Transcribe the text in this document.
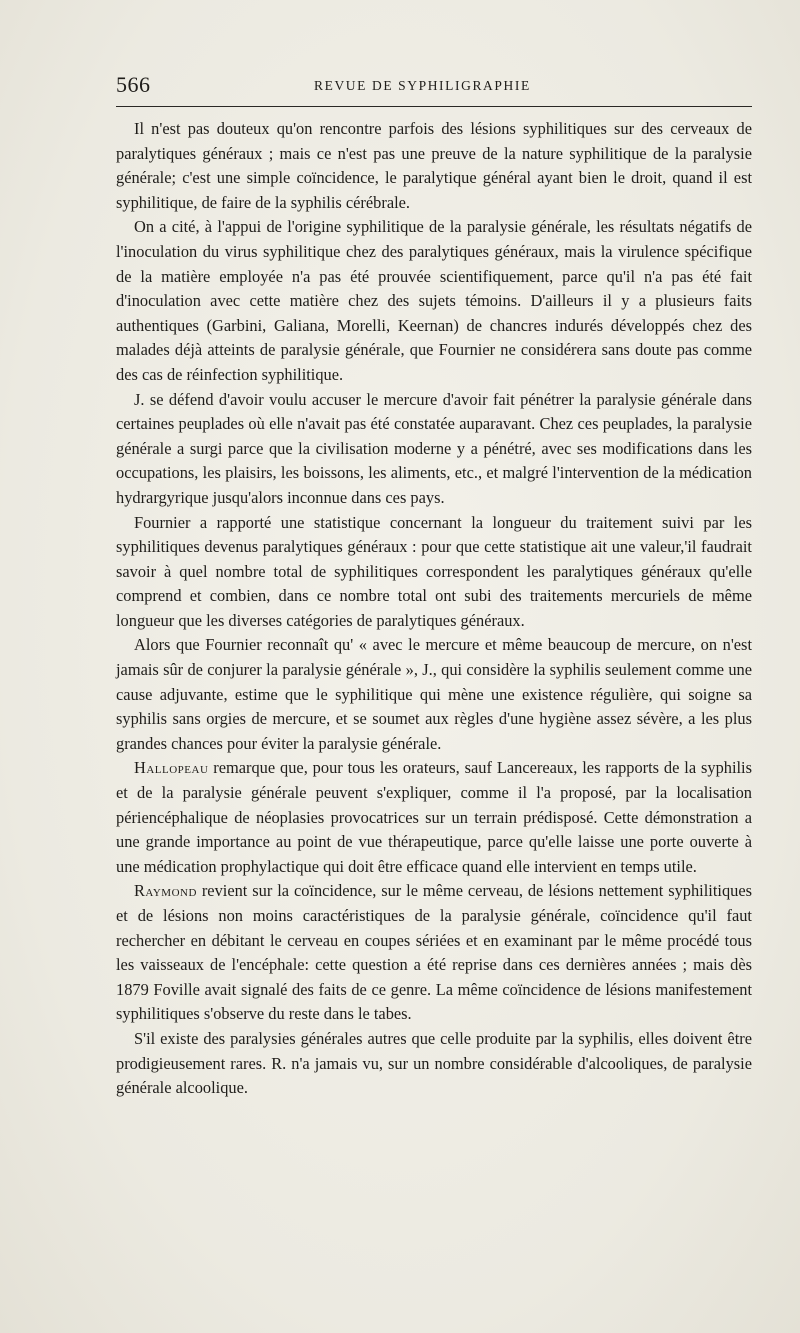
566	REVUE DE SYPHILIGRAPHIE

Il n'est pas douteux qu'on rencontre parfois des lésions syphilitiques sur des cerveaux de paralytiques généraux ; mais ce n'est pas une preuve de la nature syphilitique de la paralysie générale; c'est une simple coïncidence, le paralytique général ayant bien le droit, quand il est syphilitique, de faire de la syphilis cérébrale.

On a cité, à l'appui de l'origine syphilitique de la paralysie générale, les résultats négatifs de l'inoculation du virus syphilitique chez des paralytiques généraux, mais la virulence spécifique de la matière employée n'a pas été prouvée scientifiquement, parce qu'il n'a pas été fait d'inoculation avec cette matière chez des sujets témoins. D'ailleurs il y a plusieurs faits authentiques (Garbini, Galiana, Morelli, Keernan) de chancres indurés développés chez des malades déjà atteints de paralysie générale, que Fournier ne considérera sans doute pas comme des cas de réinfection syphilitique.

J. se défend d'avoir voulu accuser le mercure d'avoir fait pénétrer la paralysie générale dans certaines peuplades où elle n'avait pas été constatée auparavant. Chez ces peuplades, la paralysie générale a surgi parce que la civilisation moderne y a pénétré, avec ses modifications dans les occupations, les plaisirs, les boissons, les aliments, etc., et malgré l'intervention de la médication hydrargyrique jusqu'alors inconnue dans ces pays.

Fournier a rapporté une statistique concernant la longueur du traitement suivi par les syphilitiques devenus paralytiques généraux : pour que cette statistique ait une valeur,'il faudrait savoir à quel nombre total de syphilitiques correspondent les paralytiques généraux qu'elle comprend et combien, dans ce nombre total ont subi des traitements mercuriels de même longueur que les diverses catégories de paralytiques généraux.

Alors que Fournier reconnaît qu' « avec le mercure et même beaucoup de mercure, on n'est jamais sûr de conjurer la paralysie générale », J., qui considère la syphilis seulement comme une cause adjuvante, estime que le syphilitique qui mène une existence régulière, qui soigne sa syphilis sans orgies de mercure, et se soumet aux règles d'une hygiène assez sévère, a les plus grandes chances pour éviter la paralysie générale.

Hallopeau remarque que, pour tous les orateurs, sauf Lancereaux, les rapports de la syphilis et de la paralysie générale peuvent s'expliquer, comme il l'a proposé, par la localisation périencéphalique de néoplasies provocatrices sur un terrain prédisposé. Cette démonstration a une grande importance au point de vue thérapeutique, parce qu'elle laisse une porte ouverte à une médication prophylactique qui doit être efficace quand elle intervient en temps utile.

Raymond revient sur la coïncidence, sur le même cerveau, de lésions nettement syphilitiques et de lésions non moins caractéristiques de la paralysie générale, coïncidence qu'il faut rechercher en débitant le cerveau en coupes sériées et en examinant par le même procédé tous les vaisseaux de l'encéphale: cette question a été reprise dans ces dernières années ; mais dès 1879 Foville avait signalé des faits de ce genre. La même coïncidence de lésions manifestement syphilitiques s'observe du reste dans le tabes.

S'il existe des paralysies générales autres que celle produite par la syphilis, elles doivent être prodigieusement rares. R. n'a jamais vu, sur un nombre considérable d'alcooliques, de paralysie générale alcoolique.
